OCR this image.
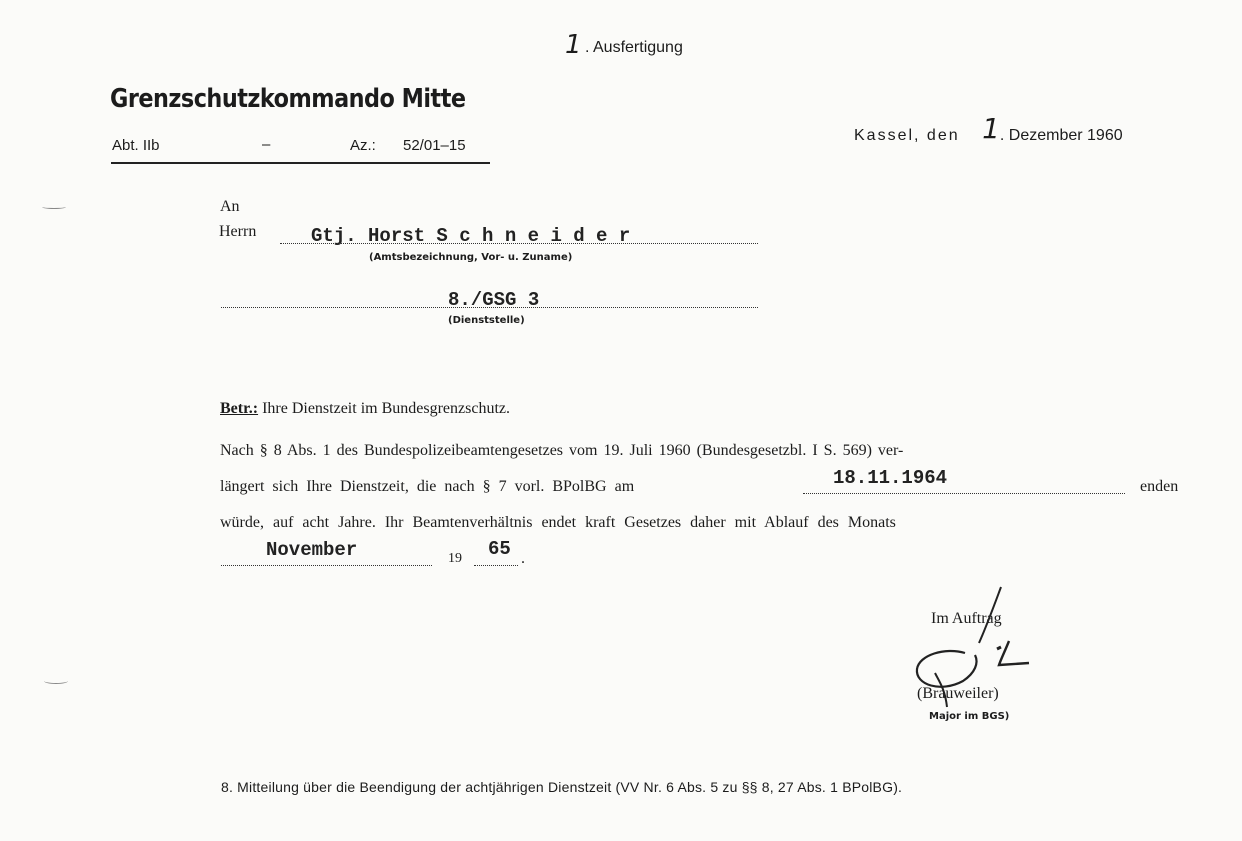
1 . Ausfertigung
Grenzschutzkommando Mitte
Abt. IIb	–	Az.: 52/01–15
Kassel, den 1. Dezember 1960
An
Herrn	Gtj. Horst S c h n e i d e r
(Amtsbezeichnung, Vor- u. Zuname)
8./GSG 3
(Dienststelle)
Betr.: Ihre Dienstzeit im Bundesgrenzschutz.
Nach § 8 Abs. 1 des Bundespolizeibeamtengesetzes vom 19. Juli 1960 (Bundesgesetzbl. I S. 569) ver-
längert sich Ihre Dienstzeit, die nach § 7 vorl. BPolBG am	18.11.1964	enden
würde, auf acht Jahre. Ihr Beamtenverhältnis endet kraft Gesetzes daher mit Ablauf des Monats
November	19 65 .
Im Auftrag
(Brauweiler)
Major im BGS)
8. Mitteilung über die Beendigung der achtjährigen Dienstzeit (VV Nr. 6 Abs. 5 zu §§ 8, 27 Abs. 1 BPolBG).
